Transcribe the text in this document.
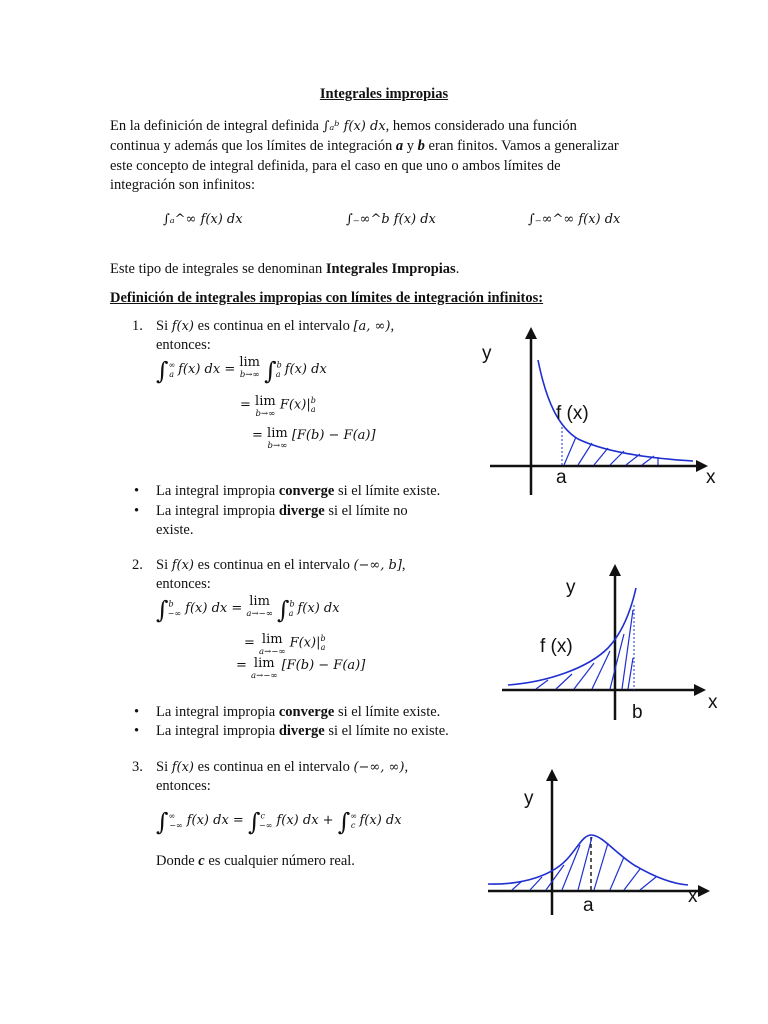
Integrales impropias
En la definición de integral definida ∫ₐᵇ f(x) dx, hemos considerado una función
continua y además que los límites de integración a y b eran finitos. Vamos a generalizar
este concepto de integral definida, para el caso en que uno o ambos límites de
integración son infinitos:
∫ₐ^∞ f(x) dx	∫₋∞^b f(x) dx	∫₋∞^∞ f(x) dx
Este tipo de integrales se denominan Integrales Impropias.
Definición de integrales impropias con límites de integración infinitos:
1. Si f(x) es continua en el intervalo [a, ∞),
entonces:
$\int^\infty_a$ f(x) dx = lim
b→∞ ∫$^b_a$ f(x) dx
= lim
b→∞
$F(x)|^b_a$
= lim
b→∞
[F(b) − F(a)]
• La integral impropia converge si el límite existe.
• La integral impropia diverge si el límite no existe.
2. Si f(x) es continua en el intervalo (−∞, b],
entonces:
∫$^b_{-\infty}$ f(x) dx = lim
a→−∞ ∫$^b_a$ f(x) dx
= lim
a→−∞
$F(x)|^b_a$
= lim
a→−∞
[F(b) − F(a)]
• La integral impropia converge si el límite existe.
• La integral impropia diverge si el límite no existe.
3. Si f(x) es continua en el intervalo (−∞, ∞),
entonces:
$\int^\infty_{-\infty}$ f(x) dx = ∫$^c_{-\infty}$ f(x) dx + $\int^\infty_c$ f(x) dx
Donde c es cualquier número real.
y
x
f (x)
a
y
x
f (x)
b
y
x
a
